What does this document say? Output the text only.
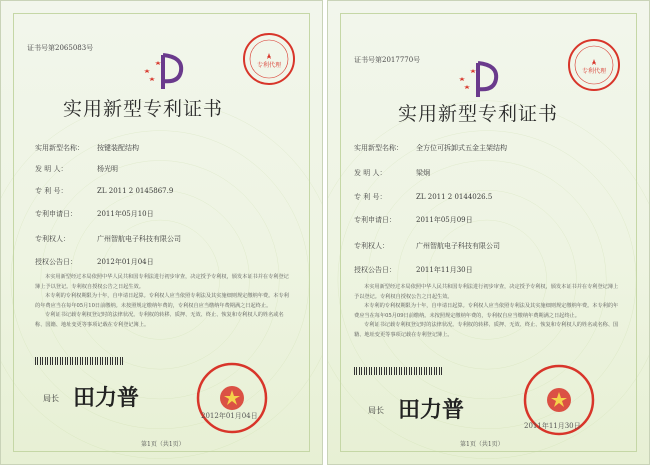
证书号第2065083号
专利代理
实用新型专利证书
实用新型名称： 按键装配结构
发 明 人：	杨光明
专 利 号：	ZL 2011 2 0145867.9
专利申请日：	2011年05月10日
专利权人：	广州智航电子科技有限公司
授权公告日：	2012年01月04日

本实用新型经过本局依照中华人民共和国专利法进行初步审查，决定授予专利权，颁发本证书并在专利登记簿上予以登记。专利权自授权公告之日起生效。

本专利的专利权期限为十年，自申请日起算。专利权人应当依照专利法及其实施细则规定缴纳年费。本专利的年费应当在每年05月10日前缴纳。未按照规定缴纳年费的，专利权自应当缴纳年费期满之日起终止。

专利证书记载专利权登记时的法律状况。专利权的转移、质押、无效、终止、恢复和专利权人的姓名或名称、国籍、地址变更等事项记载在专利登记簿上。

局长 田力普
2012年01月04日
第1页（共1页）
证书号第2017770号
专利代理
实用新型专利证书
实用新型名称： 全方位可拆卸式五金主架结构
发 明 人：	梁炯
专 利 号：	ZL 2011 2 0144026.5
专利申请日：	2011年05月09日
专利权人：	广州智航电子科技有限公司
授权公告日：	2011年11月30日

本实用新型经过本局依照中华人民共和国专利法进行初步审查，决定授予专利权，颁发本证书并在专利登记簿上予以登记。专利权自授权公告之日起生效。

本专利的专利权期限为十年，自申请日起算。专利权人应当依照专利法及其实施细则规定缴纳年费。本专利的年费应当在每年05月09日前缴纳。未按照规定缴纳年费的，专利权自应当缴纳年费期满之日起终止。

专利证书记载专利权登记时的法律状况。专利权的转移、质押、无效、终止、恢复和专利权人的姓名或名称、国籍、地址变更等事项记载在专利登记簿上。

局长 田力普
2011年11月30日
第1页（共1页）
